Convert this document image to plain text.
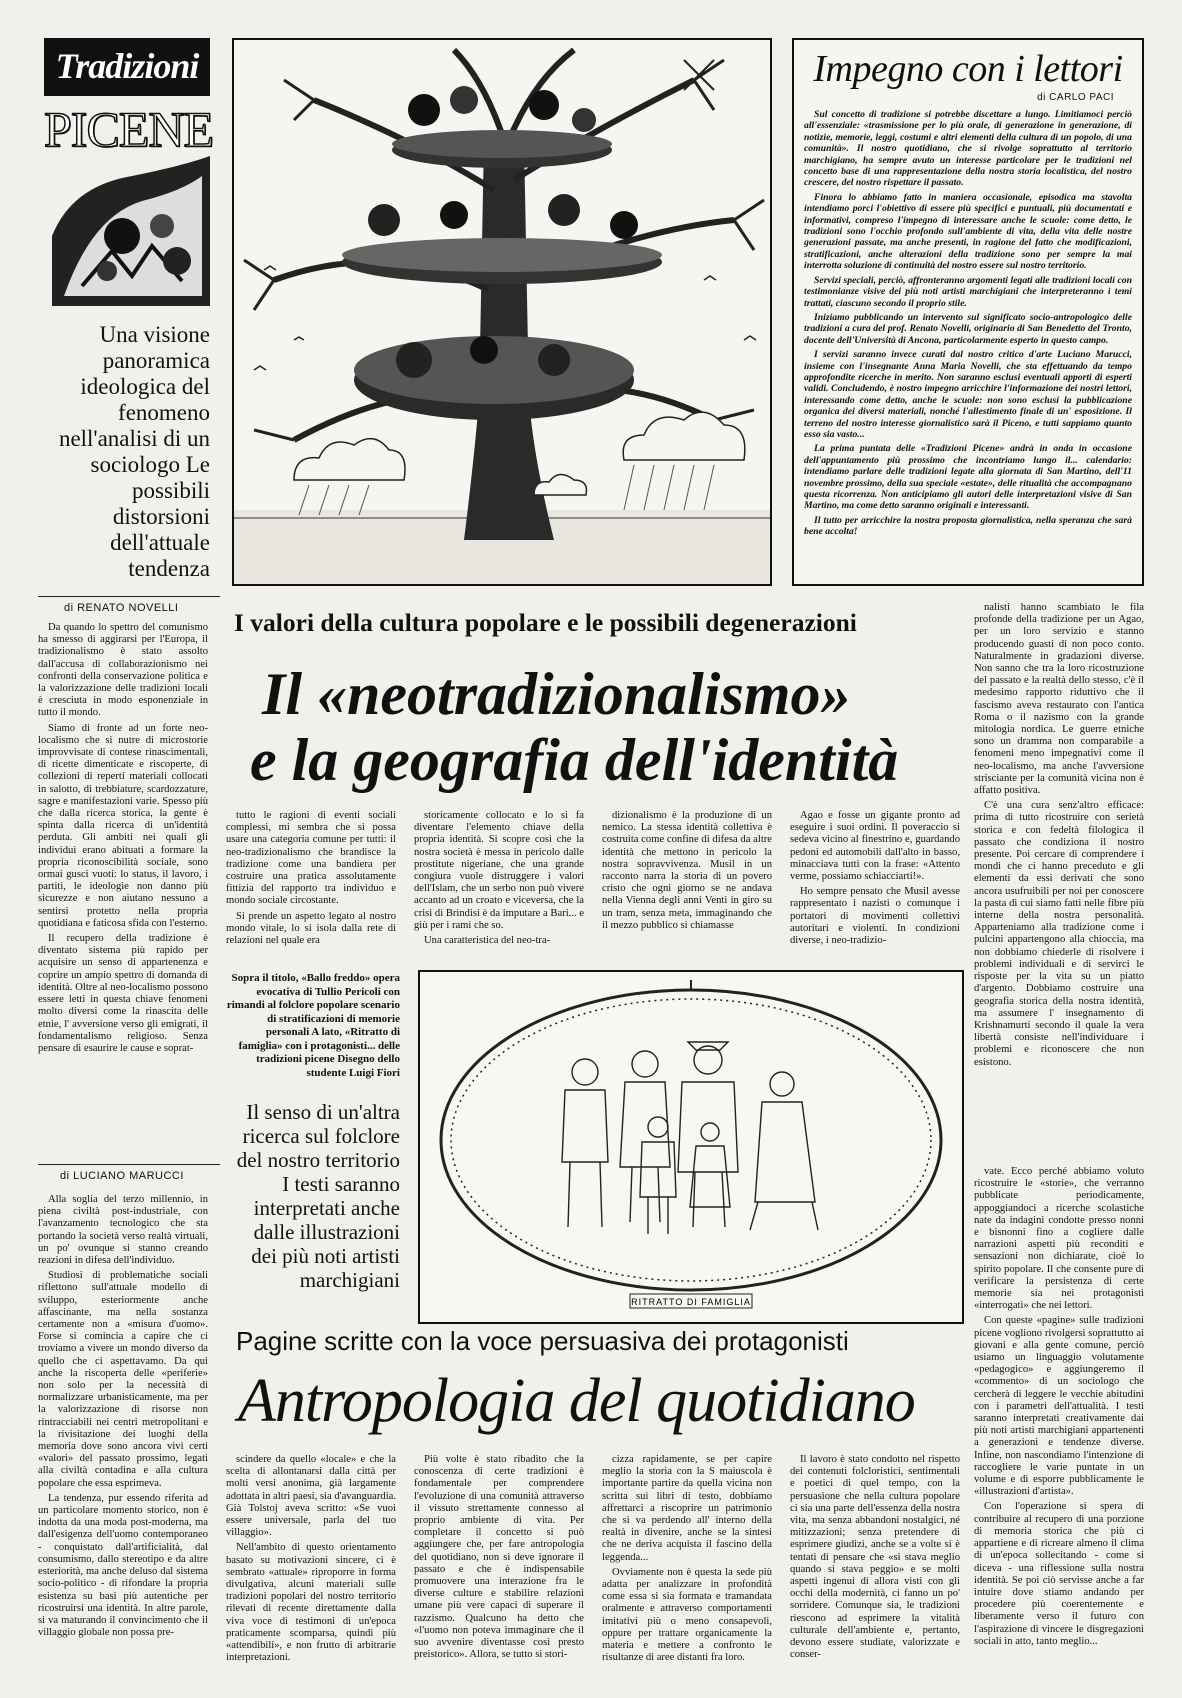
Tradizioni
PICENE
Una visione panoramica ideologica del fenomeno nell'analisi di un sociologo Le possibili distorsioni dell'attuale tendenza
Impegno con i lettori
di CARLO PACI

Sul concetto di tradizione si potrebbe discettare a lungo. Limitiamoci perciò all'essenziale: «trasmissione per lo più orale, di generazione in generazione, di notizie, memorie, leggi, costumi e altri elementi della cultura di un popolo, di una comunità». Il nostro quotidiano, che si rivolge soprattutto al territorio marchigiano, ha sempre avuto un interesse particolare per le tradizioni nel concetto base di una rappresentazione della nostra storia localistica, del nostro crescere, del nostro rispettare il passato.

Finora lo abbiamo fatto in maniera occasionale, episodica ma stavolta intendiamo porci l'obiettivo di essere più specifici e puntuali, più documentati e informativi, compreso l'impegno di interessare anche le scuole: come detto, le tradizioni sono l'occhio profondo sull'ambiente di vita, della vita delle nostre generazioni passate, ma anche presenti, in ragione del fatto che modificazioni, stratificazioni, anche alterazioni della tradizione sono per sempre la mai interrotta soluzione di continuità del nostro essere sul nostro territorio.

Servizi speciali, perciò, affronteranno argomenti legati alle tradizioni locali con testimonianze visive dei più noti artisti marchigiani che interpreteranno i temi trattati, ciascuno secondo il proprio stile.

Iniziamo pubblicando un intervento sul significato socio-antropologico delle tradizioni a cura del prof. Renato Novelli, originario di San Benedetto del Tronto, docente dell'Università di Ancona, particolarmente esperto in questo campo.

I servizi saranno invece curati dal nostro critico d'arte Luciano Marucci, insieme con l'insegnante Anna Maria Novelli, che sta effettuando da tempo approfondite ricerche in merito. Non saranno esclusi eventuali apporti di esperti validi. Concludendo, è nostro impegno arricchire l'informazione dei nostri lettori, interessando come detto, anche le scuole: non sono esclusi la pubblicazione organica dei diversi materiali, nonché l'allestimento finale di un' esposizione. Il terreno del nostro interesse giornalistico sarà il Piceno, e tutti sappiamo quanto esso sia vasto...

La prima puntata delle «Tradizioni Picene» andrà in onda in occasione dell'appuntamento più prossimo che incontriamo lungo il... calendario: intendiamo parlare delle tradizioni legate alla giornata di San Martino, dell'11 novembre prossimo, della sua speciale «estate», delle ritualità che accompagnano questa ricorrenza. Non anticipiamo gli autori delle interpretazioni visive di San Martino, ma come detto saranno originali e interessanti.

Il tutto per arricchire la nostra proposta giornalistica, nella speranza che sarà bene accolta!

di RENATO NOVELLI I valori della cultura popolare e le possibili degenerazioni
Il «neotradizionalismo»
e la geografia dell'identità

Da quando lo spettro del comunismo ha smesso di aggirarsi per l'Europa, il tradizionalismo è stato assolto dall'accusa di collaborazionismo nei confronti della conservazione politica e la valorizzazione delle tradizioni locali è cresciuta in modo esponenziale in tutto il mondo.

Siamo di fronte ad un forte neo-localismo che si nutre di microstorie improvvisate di contese rinascimentali, di ricette dimenticate e riscoperte, di collezioni di reperti materiali collocati in salotto, di trebbiature, scardozzature, sagre e manifestazioni varie. Spesso più che dalla ricerca storica, la gente è spinta dalla ricerca di un'identità perduta. Gli ambiti nei quali gli individui erano abituati a formare la propria riconoscibilità sociale, sono ormai gusci vuoti: lo status, il lavoro, i partiti, le ideologie non danno più sicurezze e non aiutano nessuno a sentirsi protetto nella propria quotidiana e faticosa sfida con l'esterno.

Il recupero della tradizione è diventato sistema più rapido per acquisire un senso di appartenenza e coprire un ampio spettro di domanda di identità. Oltre al neo-localismo possono essere letti in questa chiave fenomeni molto diversi come la rinascita delle etnie, l' avversione verso gli emigrati, il fondamentalismo religioso. Senza pensare di esaurire le cause e soprat-

tutto le ragioni di eventi sociali complessi, mi sembra che si possa usare una categoria comune per tutti: il neo-tradizionalismo che brandisce la tradizione come una bandiera per costruire una pratica assolutamente fittizia del rapporto tra individuo e mondo sociale circostante.

Si prende un aspetto legato al nostro mondo vitale, lo si isola dalla rete di relazioni nel quale era

storicamente collocato e lo si fa diventare l'elemento chiave della propria identità. Si scopre così che la nostra società è messa in pericolo dalle prostitute nigeriane, che una grande congiura vuole distruggere i valori dell'Islam, che un serbo non può vivere accanto ad un croato e viceversa, che la crisi di Brindisi è da imputare a Bari... e giù per i rami che so.

Una caratteristica del neo-tra-

dizionalismo è la produzione di un nemico. La stessa identità collettiva è costruita come confine di difesa da altre identità che mettono in pericolo la nostra sopravvivenza. Musil in un racconto narra la storia di un povero cristo che ogni giorno se ne andava nella Vienna degli anni Venti in giro su un tram, senza meta, immaginando che il mezzo pubblico si chiamasse

Agao e fosse un gigante pronto ad eseguire i suoi ordini. Il poveraccio si sedeva vicino al finestrino e, guardando pedoni ed automobili dall'alto in basso, minacciava tutti con la frase: «Attento verme, possiamo schiacciarti!».

Ho sempre pensato che Musil avesse rappresentato i nazisti o comunque i portatori di movimenti collettivi autoritari e violenti. In condizioni diverse, i neo-tradizio-

nalisti hanno scambiato le fila profonde della tradizione per un Agao, per un loro servizio e stanno producendo guasti di non poco conto. Naturalmente in gradazioni diverse. Non sanno che tra la loro ricostruzione del passato e la realtà dello stesso, c'è il medesimo rapporto riduttivo che il fascismo aveva restaurato con l'antica Roma o il nazismo con la grande mitologia nordica. Le guerre etniche sono un dramma non comparabile a fenomeni meno impegnativi come il neo-localismo, ma anche l'avversione strisciante per la comunità vicina non è affatto positiva.

C'è una cura senz'altro efficace: prima di tutto ricostruire con serietà storica e con fedeltà filologica il passato che condiziona il nostro presente. Poi cercare di comprendere i mondi che ci hanno preceduto e gli elementi da essi derivati che sono ancora usufruibili per noi per conoscere la pasta di cui siamo fatti nelle fibre più interne della nostra personalità. Apparteniamo alla tradizione come i pulcini appartengono alla chioccia, ma non dobbiamo chiederle di risolvere i problemi individuali e di servirci le risposte per la vita su un piatto d'argento. Dobbiamo costruire una geografia storica della nostra identità, ma assumere l' insegnamento di Krishnamurti secondo il quale la vera libertà consiste nell'individuare i problemi e riconoscere che non esistono.

Sopra il titolo, «Ballo freddo» opera evocativa di Tullio Pericoli con rimandi al folclore popolare scenario di stratificazioni di memorie personali A lato, «Ritratto di famiglia» con i protagonisti... delle tradizioni picene Disegno dello studente Luigi Fiori
Il senso di un'altra ricerca sul folclore del nostro territorio I testi saranno interpretati anche dalle illustrazioni dei più noti artisti marchigiani
RITRATTO DI FAMIGLIA
di LUCIANO MARUCCI

Alla soglia del terzo millennio, in piena civiltà post-industriale, con l'avanzamento tecnologico che sta portando la società verso realtà virtuali, un po' ovunque si stanno creando reazioni in difesa dell'individuo.

Studiosi di problematiche sociali riflettono sull'attuale modello di sviluppo, esteriormente anche affascinante, ma nella sostanza certamente non a «misura d'uomo». Forse si comincia a capire che ci troviamo a vivere un mondo diverso da quello che ci aspettavamo. Da qui anche la riscoperta delle «periferie» non solo per la necessità di normalizzare urbanisticamente, ma per la valorizzazione di risorse non rintracciabili nei centri metropolitani e la rivisitazione dei luoghi della memoria dove sono ancora vivi certi «valori» del passato prossimo, legati alla civiltà contadina e alla cultura popolare che essa esprimeva.

La tendenza, pur essendo riferita ad un particolare momento storico, non è indotta da una moda post-moderna, ma dall'esigenza dell'uomo contemporaneo - conquistato dall'artificialità, dal consumismo, dallo stereotipo e da altre esteriorità, ma anche deluso dal sistema socio-politico - di rifondare la propria esistenza su basi più autentiche per ricostruirsi una identità. In altre parole, si va maturando il convincimento che il villaggio globale non possa pre-

Pagine scritte con la voce persuasiva dei protagonisti
Antropologia del quotidiano

scindere da quello «locale» e che la scelta di allontanarsi dalla città per molti versi anonima, già largamente adottata in altri paesi, sia d'avanguardia. Già Tolstoj aveva scritto: «Se vuoi essere universale, parla del tuo villaggio».

Nell'ambito di questo orientamento basato su motivazioni sincere, ci è sembrato «attuale» riproporre in forma divulgativa, alcuni materiali sulle tradizioni popolari del nostro territorio rilevati di recente direttamente dalla viva voce di testimoni di un'epoca praticamente scomparsa, quindi più «attendibili», e non frutto di arbitrarie interpretazioni.

Più volte è stato ribadito che la conoscenza di certe tradizioni è fondamentale per comprendere l'evoluzione di una comunità attraverso il vissuto strettamente connesso al proprio ambiente di vita. Per completare il concetto si può aggiungere che, per fare antropologia del quotidiano, non si deve ignorare il passato e che è indispensabile promuovere una interazione fra le diverse culture e stabilire relazioni umane più vere capaci di superare il razzismo. Qualcuno ha detto che «l'uomo non poteva immaginare che il suo avvenire diventasse così presto preistorico». Allora, se tutto si stori-

cizza rapidamente, se per capire meglio la storia con la S maiuscola è importante partire da quella vicina non scritta sui libri di testo, dobbiamo affrettarci a riscoprire un patrimonio che si va perdendo all' interno della realtà in divenire, anche se la sintesi che ne deriva acquista il fascino della leggenda...

Ovviamente non è questa la sede più adatta per analizzare in profondità come essa si sia formata e tramandata oralmente e attraverso comportamenti imitativi più o meno consapevoli, oppure per trattare organicamente la materia e mettere a confronto le risultanze di aree distanti fra loro.

Il lavoro è stato condotto nel rispetto dei contenuti folcloristici, sentimentali e poetici di quel tempo, con la persuasione che nella cultura popolare ci sia una parte dell'essenza della nostra vita, ma senza abbandoni nostalgici, né mitizzazioni; senza pretendere di esprimere giudizi, anche se a volte si è tentati di pensare che «si stava meglio quando si stava peggio» e se molti aspetti ingenui di allora visti con gli occhi della modernità, ci fanno un po' sorridere. Comunque sia, le tradizioni riescono ad esprimere la vitalità culturale dell'ambiente e, pertanto, devono essere studiate, valorizzate e conser-

vate. Ecco perché abbiamo voluto ricostruire le «storie», che verranno pubblicate periodicamente, appoggiandoci a ricerche scolastiche nate da indagini condotte presso nonni e bisnonni fino a cogliere dalle narrazioni aspetti più reconditi e sensazioni non dichiarate, cioè lo spirito popolare. Il che consente pure di verificare la persistenza di certe memorie sia nei protagonisti «interrogati» che nei lettori.

Con queste «pagine» sulle tradizioni picene vogliono rivolgersi soprattutto ai giovani e alla gente comune, perciò usiamo un linguaggio volutamente «pedagogico» e aggiungeremo il «commento» di un sociologo che cercherà di leggere le vecchie abitudini con i parametri dell'attualità. I testi saranno interpretati creativamente dai più noti artisti marchigiani appartenenti a generazioni e tendenze diverse. Infine, non nascondiamo l'intenzione di raccogliere le varie puntate in un volume e di esporre pubblicamente le «illustrazioni d'artista».

Con l'operazione si spera di contribuire al recupero di una porzione di memoria storica che più ci appartiene e di ricreare almeno il clima di un'epoca sollecitando - come si diceva - una riflessione sulla nostra identità. Se poi ciò servisse anche a far intuire dove stiamo andando per procedere più coerentemente e liberamente verso il futuro con l'aspirazione di vincere le disgregazioni sociali in atto, tanto meglio...
